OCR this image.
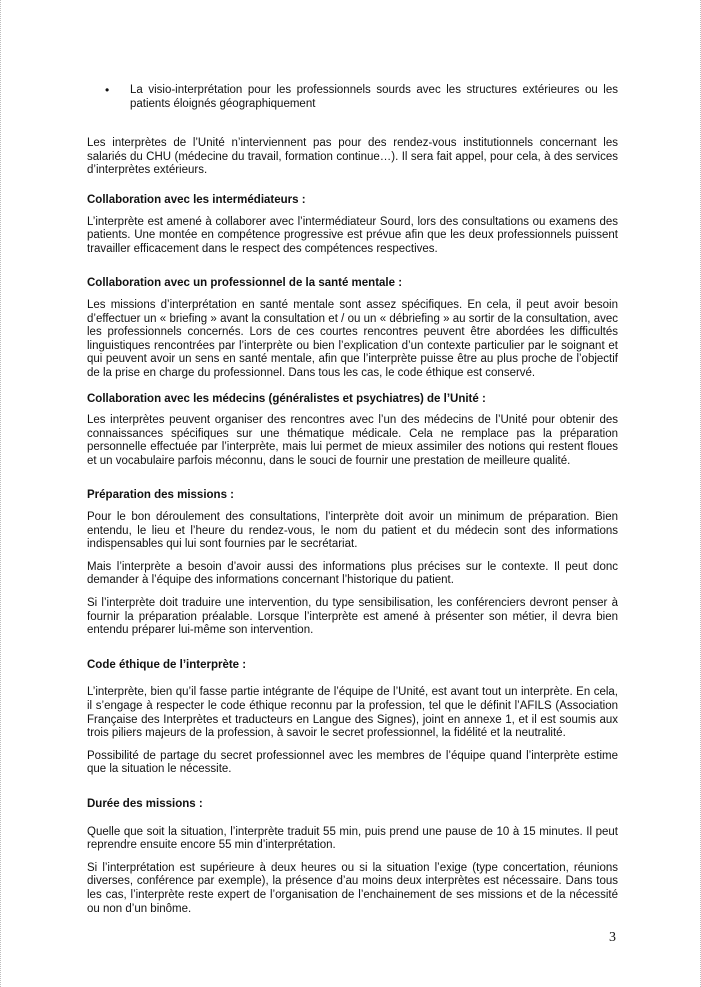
• La visio-interprétation pour les professionnels sourds avec les structures extérieures ou les patients éloignés géographiquement

Les interprètes de l’Unité n’interviennent pas pour des rendez-vous institutionnels concernant les salariés du CHU (médecine du travail, formation continue…). Il sera fait appel, pour cela, à des services d’interprètes extérieurs.

Collaboration avec les intermédiateurs :

L’interprète est amené à collaborer avec l’intermédiateur Sourd, lors des consultations ou examens des patients. Une montée en compétence progressive est prévue afin que les deux professionnels puissent travailler efficacement dans le respect des compétences respectives.

Collaboration avec un professionnel de la santé mentale :

Les missions d’interprétation en santé mentale sont assez spécifiques. En cela, il peut avoir besoin d’effectuer un « briefing » avant la consultation et / ou un « débriefing » au sortir de la consultation, avec les professionnels concernés. Lors de ces courtes rencontres peuvent être abordées les difficultés linguistiques rencontrées par l’interprète ou bien l’explication d’un contexte particulier par le soignant et qui peuvent avoir un sens en santé mentale, afin que l’interprète puisse être au plus proche de l’objectif de la prise en charge du professionnel. Dans tous les cas, le code éthique est conservé.

Collaboration avec les médecins (généralistes et psychiatres) de l’Unité :

Les interprètes peuvent organiser des rencontres avec l’un des médecins de l’Unité pour obtenir des connaissances spécifiques sur une thématique médicale. Cela ne remplace pas la préparation personnelle effectuée par l’interprète, mais lui permet de mieux assimiler des notions qui restent floues et un vocabulaire parfois méconnu, dans le souci de fournir une prestation de meilleure qualité.

Préparation des missions :

Pour le bon déroulement des consultations, l’interprète doit avoir un minimum de préparation. Bien entendu, le lieu et l’heure du rendez-vous, le nom du patient et du médecin sont des informations indispensables qui lui sont fournies par le secrétariat.

Mais l’interprète a besoin d’avoir aussi des informations plus précises sur le contexte. Il peut donc demander à l’équipe des informations concernant l’historique du patient.

Si l’interprète doit traduire une intervention, du type sensibilisation, les conférenciers devront penser à fournir la préparation préalable. Lorsque l’interprète est amené à présenter son métier, il devra bien entendu préparer lui-même son intervention.

Code éthique de l’interprète :

L’interprète, bien qu’il fasse partie intégrante de l’équipe de l’Unité, est avant tout un interprète. En cela, il s’engage à respecter le code éthique reconnu par la profession, tel que le définit l’AFILS (Association Française des Interprètes et traducteurs en Langue des Signes), joint en annexe 1, et il est soumis aux trois piliers majeurs de la profession, à savoir le secret professionnel, la fidélité et la neutralité.

Possibilité de partage du secret professionnel avec les membres de l’équipe quand l’interprète estime que la situation le nécessite.

Durée des missions :

Quelle que soit la situation, l’interprète traduit 55 min, puis prend une pause de 10 à 15 minutes. Il peut reprendre ensuite encore 55 min d’interprétation.

Si l’interprétation est supérieure à deux heures ou si la situation l’exige (type concertation, réunions diverses, conférence par exemple), la présence d’au moins deux interprètes est nécessaire. Dans tous les cas, l’interprète reste expert de l’organisation de l’enchainement de ses missions et de la nécessité ou non d’un binôme.

3
